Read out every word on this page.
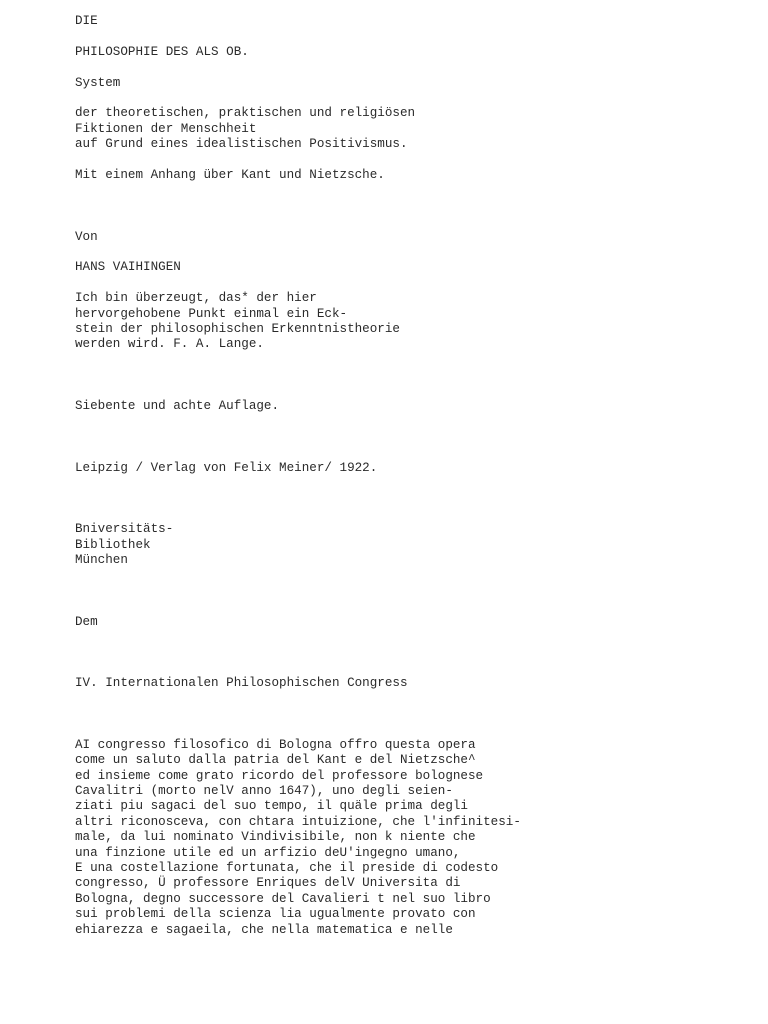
DIE
PHILOSOPHIE DES ALS OB.
System
der theoretischen, praktischen und religiösen
Fiktionen der Menschheit
auf Grund eines idealistischen Positivismus.
Mit einem Anhang über Kant und Nietzsche.
Von
HANS VAIHINGEN
Ich bin überzeugt, das* der hier
hervorgehobene Punkt einmal ein Eck-
stein der philosophischen Erkenntnistheorie
werden wird. F. A. Lange.
Siebente und achte Auflage.
Leipzig / Verlag von Felix Meiner/ 1922.
Bniversitäts-
Bibliothek
München
Dem
IV. Internationalen Philosophischen Congress
AI congresso filosofico di Bologna offro questa opera
come un saluto dalla patria del Kant e del Nietzsche^
ed insieme come grato ricordo del professore bolognese
Cavalitri (morto nelV anno 1647), uno degli seien-
ziati piu sagaci del suo tempo, il quäle prima degli
altri riconosceva, con chtara intuizione, che l'infinitesi-
male, da lui nominato Vindivisibile, non k niente che
una finzione utile ed un arfizio deU'ingegno umano,
E una costellazione fortunata, che il preside di codesto
congresso, Ü professore Enriques delV Universita di
Bologna, degno successore del Cavalieri t nel suo libro
sui problemi della scienza lia ugualmente provato con
ehiarezza e sagaeila, che nella matematica e nelle
